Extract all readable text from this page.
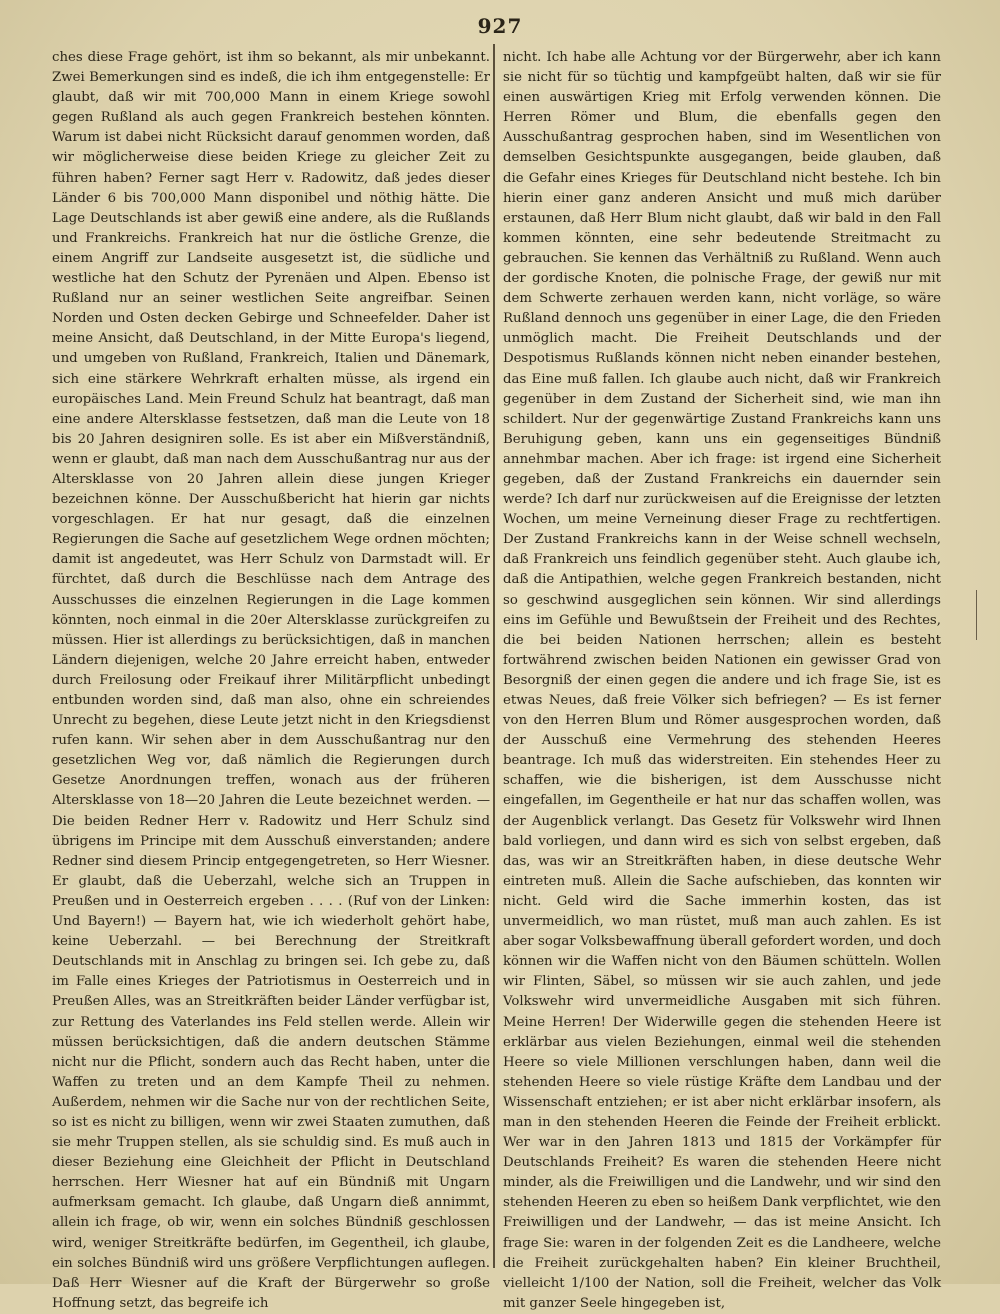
927
ches diese Frage gehört, ist ihm so bekannt, als mir unbekannt. Zwei Bemerkungen sind es indeß, die ich ihm entgegenstelle: Er glaubt, daß wir mit 700,000 Mann in einem Kriege sowohl gegen Rußland als auch gegen Frankreich bestehen könnten. Warum ist dabei nicht Rücksicht darauf genommen worden, daß wir möglicherweise diese beiden Kriege zu gleicher Zeit zu führen haben? Ferner sagt Herr v. Radowitz, daß jedes dieser Länder 6 bis 700,000 Mann disponibel und nöthig hätte. Die Lage Deutschlands ist aber gewiß eine andere, als die Rußlands und Frankreichs. Frankreich hat nur die östliche Grenze, die einem Angriff zur Landseite ausgesetzt ist, die südliche und westliche hat den Schutz der Pyrenäen und Alpen. Ebenso ist Rußland nur an seiner westlichen Seite angreifbar. Seinen Norden und Osten decken Gebirge und Schneefelder. Daher ist meine Ansicht, daß Deutschland, in der Mitte Europa's liegend, und umgeben von Rußland, Frankreich, Italien und Dänemark, sich eine stärkere Wehrkraft erhalten müsse, als irgend ein europäisches Land. Mein Freund Schulz hat beantragt, daß man eine andere Altersklasse festsetzen, daß man die Leute von 18 bis 20 Jahren designiren solle. Es ist aber ein Mißverständniß, wenn er glaubt, daß man nach dem Ausschußantrag nur aus der Altersklasse von 20 Jahren allein diese jungen Krieger bezeichnen könne. Der Ausschußbericht hat hierin gar nichts vorgeschlagen. Er hat nur gesagt, daß die einzelnen Regierungen die Sache auf gesetzlichem Wege ordnen möchten; damit ist angedeutet, was Herr Schulz von Darmstadt will. Er fürchtet, daß durch die Beschlüsse nach dem Antrage des Ausschusses die einzelnen Regierungen in die Lage kommen könnten, noch einmal in die 20er Altersklasse zurückgreifen zu müssen. Hier ist allerdings zu berücksichtigen, daß in manchen Ländern diejenigen, welche 20 Jahre erreicht haben, entweder durch Freilosung oder Freikauf ihrer Militärpflicht unbedingt entbunden worden sind, daß man also, ohne ein schreiendes Unrecht zu begehen, diese Leute jetzt nicht in den Kriegsdienst rufen kann. Wir sehen aber in dem Ausschußantrag nur den gesetzlichen Weg vor, daß nämlich die Regierungen durch Gesetze Anordnungen treffen, wonach aus der früheren Altersklasse von 18—20 Jahren die Leute bezeichnet werden. — Die beiden Redner Herr v. Radowitz und Herr Schulz sind übrigens im Principe mit dem Ausschuß einverstanden; andere Redner sind diesem Princip entgegengetreten, so Herr Wiesner. Er glaubt, daß die Ueberzahl, welche sich an Truppen in Preußen und in Oesterreich ergeben . . . . (Ruf von der Linken: Und Bayern!) — Bayern hat, wie ich wiederholt gehört habe, keine Ueberzahl. — bei Berechnung der Streitkraft Deutschlands mit in Anschlag zu bringen sei. Ich gebe zu, daß im Falle eines Krieges der Patriotismus in Oesterreich und in Preußen Alles, was an Streitkräften beider Länder verfügbar ist, zur Rettung des Vaterlandes ins Feld stellen werde. Allein wir müssen berücksichtigen, daß die andern deutschen Stämme nicht nur die Pflicht, sondern auch das Recht haben, unter die Waffen zu treten und an dem Kampfe Theil zu nehmen. Außerdem, nehmen wir die Sache nur von der rechtlichen Seite, so ist es nicht zu billigen, wenn wir zwei Staaten zumuthen, daß sie mehr Truppen stellen, als sie schuldig sind. Es muß auch in dieser Beziehung eine Gleichheit der Pflicht in Deutschland herrschen. Herr Wiesner hat auf ein Bündniß mit Ungarn aufmerksam gemacht. Ich glaube, daß Ungarn dieß annimmt, allein ich frage, ob wir, wenn ein solches Bündniß geschlossen wird, weniger Streitkräfte bedürfen, im Gegentheil, ich glaube, ein solches Bündniß wird uns größere Verpflichtungen auflegen. Daß Herr Wiesner auf die Kraft der Bürgerwehr so große Hoffnung setzt, das begreife ich
nicht. Ich habe alle Achtung vor der Bürgerwehr, aber ich kann sie nicht für so tüchtig und kampfgeübt halten, daß wir sie für einen auswärtigen Krieg mit Erfolg verwenden können. Die Herren Römer und Blum, die ebenfalls gegen den Ausschußantrag gesprochen haben, sind im Wesentlichen von demselben Gesichtspunkte ausgegangen, beide glauben, daß die Gefahr eines Krieges für Deutschland nicht bestehe. Ich bin hierin einer ganz anderen Ansicht und muß mich darüber erstaunen, daß Herr Blum nicht glaubt, daß wir bald in den Fall kommen könnten, eine sehr bedeutende Streitmacht zu gebrauchen. Sie kennen das Verhältniß zu Rußland. Wenn auch der gordische Knoten, die polnische Frage, der gewiß nur mit dem Schwerte zerhauen werden kann, nicht vorläge, so wäre Rußland dennoch uns gegenüber in einer Lage, die den Frieden unmöglich macht. Die Freiheit Deutschlands und der Despotismus Rußlands können nicht neben einander bestehen, das Eine muß fallen. Ich glaube auch nicht, daß wir Frankreich gegenüber in dem Zustand der Sicherheit sind, wie man ihn schildert. Nur der gegenwärtige Zustand Frankreichs kann uns Beruhigung geben, kann uns ein gegenseitiges Bündniß annehmbar machen. Aber ich frage: ist irgend eine Sicherheit gegeben, daß der Zustand Frankreichs ein dauernder sein werde? Ich darf nur zurückweisen auf die Ereignisse der letzten Wochen, um meine Verneinung dieser Frage zu rechtfertigen. Der Zustand Frankreichs kann in der Weise schnell wechseln, daß Frankreich uns feindlich gegenüber steht. Auch glaube ich, daß die Antipathien, welche gegen Frankreich bestanden, nicht so geschwind ausgeglichen sein können. Wir sind allerdings eins im Gefühle und Bewußtsein der Freiheit und des Rechtes, die bei beiden Nationen herrschen; allein es besteht fortwährend zwischen beiden Nationen ein gewisser Grad von Besorgniß der einen gegen die andere und ich frage Sie, ist es etwas Neues, daß freie Völker sich befriegen? — Es ist ferner von den Herren Blum und Römer ausgesprochen worden, daß der Ausschuß eine Vermehrung des stehenden Heeres beantrage. Ich muß das widerstreiten. Ein stehendes Heer zu schaffen, wie die bisherigen, ist dem Ausschusse nicht eingefallen, im Gegentheile er hat nur das schaffen wollen, was der Augenblick verlangt. Das Gesetz für Volkswehr wird Ihnen bald vorliegen, und dann wird es sich von selbst ergeben, daß das, was wir an Streitkräften haben, in diese deutsche Wehr eintreten muß. Allein die Sache aufschieben, das konnten wir nicht. Geld wird die Sache immerhin kosten, das ist unvermeidlich, wo man rüstet, muß man auch zahlen. Es ist aber sogar Volksbewaffnung überall gefordert worden, und doch können wir die Waffen nicht von den Bäumen schütteln. Wollen wir Flinten, Säbel, so müssen wir sie auch zahlen, und jede Volkswehr wird unvermeidliche Ausgaben mit sich führen. Meine Herren! Der Widerwille gegen die stehenden Heere ist erklärbar aus vielen Beziehungen, einmal weil die stehenden Heere so viele Millionen verschlungen haben, dann weil die stehenden Heere so viele rüstige Kräfte dem Landbau und der Wissenschaft entziehen; er ist aber nicht erklärbar insofern, als man in den stehenden Heeren die Feinde der Freiheit erblickt. Wer war in den Jahren 1813 und 1815 der Vorkämpfer für Deutschlands Freiheit? Es waren die stehenden Heere nicht minder, als die Freiwilligen und die Landwehr, und wir sind den stehenden Heeren zu eben so heißem Dank verpflichtet, wie den Freiwilligen und der Landwehr, — das ist meine Ansicht. Ich frage Sie: waren in der folgenden Zeit es die Landheere, welche die Freiheit zurückgehalten haben? Ein kleiner Bruchtheil, vielleicht 1/100 der Nation, soll die Freiheit, welcher das Volk mit ganzer Seele hingegeben ist,
